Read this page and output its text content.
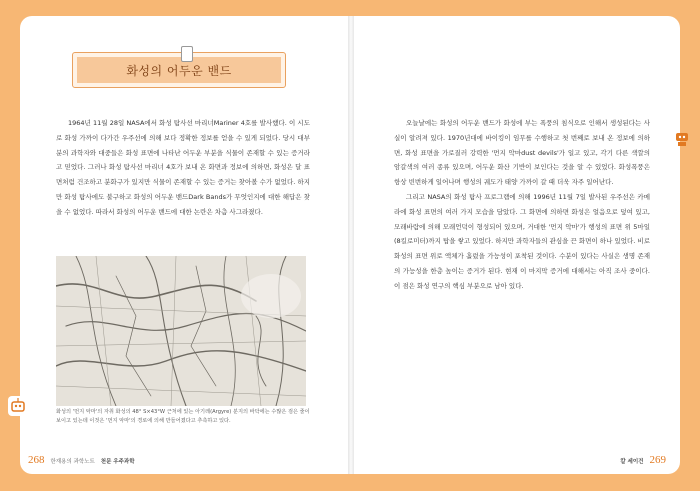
화성의 어두운 밴드

1964년 11월 28일 NASA에서 화성 탐사선 마리너Mariner 4호를 발사했다. 이 시도로 화성 가까이 다가간 우주선에 의해 보다 정확한 정보를 얻을 수 있게 되었다. 당시 대부분의 과학자와 대중들은 화성 표면에 나타난 어두운 부분을 식물이 존재할 수 있는 증거라고 믿었다. 그러나 화성 탐사선 마리너 4호가 보내 온 화면과 정보에 의하면, 화성은 달 표면처럼 건조하고 분화구가 있지만 식물이 존재할 수 있는 증거는 찾아볼 수가 없었다. 하지만 화성 탐사에도 불구하고 화성의 어두운 밴드Dark Bands가 무엇인지에 대한 해답은 찾을 수 없었다. 따라서 화성의 어두운 밴드에 대한 논란은 차츰 사그라졌다.

화성의 '먼지 악마'의 자취 화성의 48° S×43°W 근처에 있는 아기레(Argyre) 분지의 바닥에는 수많은 검은 줄이 보이고 있는데 이것은 '먼지 악마'의 경로에 의해 만들어졌다고 추측하고 있다.
268 한재용의 과학노트 천문 우주과학

오늘날에는 화성의 어두운 밴드가 화성에 부는 폭풍의 침식으로 인해서 생성된다는 사실이 알려져 있다. 1970년대에 바이킹이 임무를 수행하고 첫 번째로 보내 온 정보에 의하면, 화성 표면을 가로질러 강력한 '먼지 악마dust devils'가 일고 있고, 각기 다른 색깔의 암갈색의 여러 종류 있으며, 어두운 화산 기반이 보인다는 것을 알 수 있었다. 화성폭풍은 항상 빈번하게 일어나며 행성의 궤도가 태양 가까이 갈 때 더욱 자주 일어난다.

그리고 NASA의 화성 탐사 프로그램에 의해 1996년 11월 7일 발사된 우주선은 카메라에 화성 표면의 여러 가지 모습을 담았다. 그 화면에 의하면 화성은 얼음으로 덮여 있고, 모래바람에 의해 모래언덕이 형성되어 있으며, 거대한 '먼지 악마'가 행성의 표면 위 5마일(8킬로미터)까지 탑을 쌓고 있었다. 하지만 과학자들의 관심을 끈 화면이 하나 있었다. 비로 화성의 표면 위로 액체가 흘렀을 가능성이 포착된 것이다. 수분이 있다는 사실은 생명 존재의 가능성을 한층 높이는 증거가 된다. 현재 이 마지막 증거에 대해서는 아직 조사 중이다. 이 점은 화성 연구의 핵심 부분으로 남아 있다.

칼 세이건 269
